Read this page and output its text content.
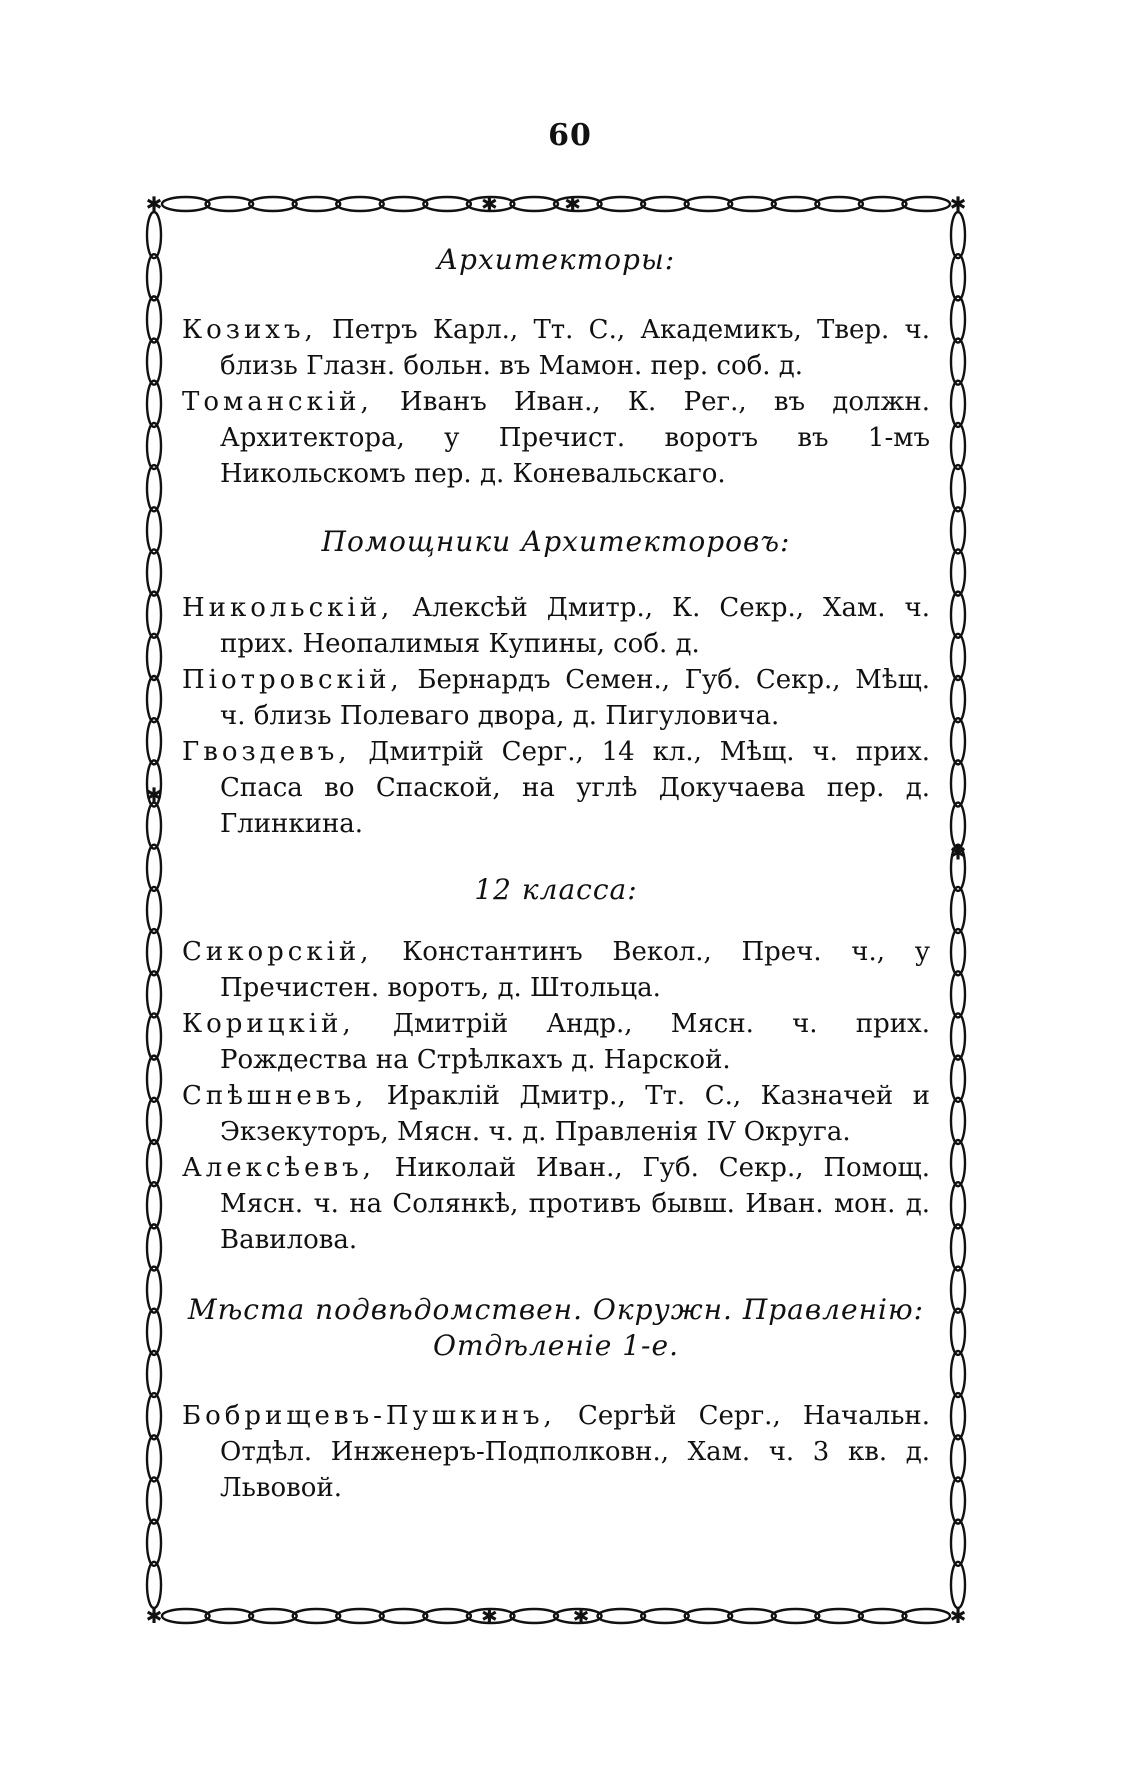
60
✱	✱
✱	✱
✱	✱
✱	✱
✱
✱
Архитекторы:

Козихъ, Петръ Карл., Тт. С., Академикъ, Твер. ч. близь Глазн. больн. въ Мамон. пер. соб. д.

Томанскій, Иванъ Иван., К. Рег., въ должн. Архитектора, у Пречист. воротъ въ 1-мъ Никольскомъ пер. д. Коневальскаго.

Помощники Архитекторовъ:

Никольскій, Алексѣй Дмитр., К. Секр., Хам. ч. прих. Неопалимыя Купины, соб. д.

Піотровскій, Бернардъ Семен., Губ. Секр., Мѣщ. ч. близь Полеваго двора, д. Пигуловича.

Гвоздевъ, Дмитрій Серг., 14 кл., Мѣщ. ч. прих. Спаса во Спаской, на углѣ Докучаева пер. д. Глинкина.

12 класса:

Сикорскій, Константинъ Векол., Преч. ч., у Пречистен. воротъ, д. Штольца.

Корицкій, Дмитрій Андр., Мясн. ч. прих. Рождества на Стрѣлкахъ д. Нарской.

Спѣшневъ, Ираклій Дмитр., Тт. С., Казначей и Экзекуторъ, Мясн. ч. д. Правленія IV Округа.

Алексѣевъ, Николай Иван., Губ. Секр., Помощ. Мясн. ч. на Солянкѣ, противъ бывш. Иван. мон. д. Вавилова.

Мѣста подвѣдомствен. Окружн. Правленію:
Отдѣленіе 1-е.

Бобрищевъ-Пушкинъ, Сергѣй Серг., Начальн. Отдѣл. Инженеръ-Подполковн., Хам. ч. 3 кв. д. Львовой.
